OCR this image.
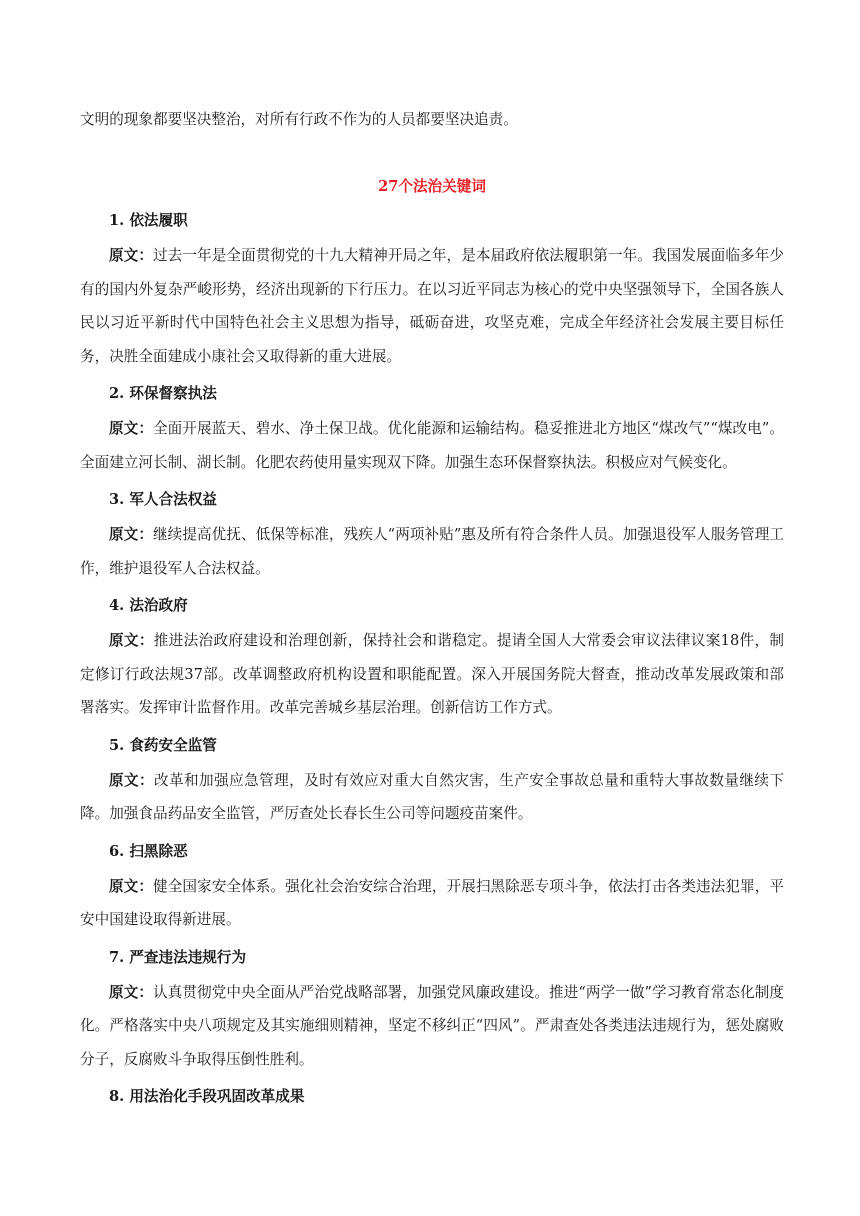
文明的现象都要坚决整治，对所有行政不作为的人员都要坚决追责。

27个法治关键词

1. 依法履职

原文：过去一年是全面贯彻党的十九大精神开局之年，是本届政府依法履职第一年。我国发展面临多年少有的国内外复杂严峻形势，经济出现新的下行压力。在以习近平同志为核心的党中央坚强领导下，全国各族人民以习近平新时代中国特色社会主义思想为指导，砥砺奋进，攻坚克难，完成全年经济社会发展主要目标任务，决胜全面建成小康社会又取得新的重大进展。

2. 环保督察执法

原文：全面开展蓝天、碧水、净土保卫战。优化能源和运输结构。稳妥推进北方地区“煤改气”“煤改电”。全面建立河长制、湖长制。化肥农药使用量实现双下降。加强生态环保督察执法。积极应对气候变化。

3. 军人合法权益

原文：继续提高优抚、低保等标准，残疾人“两项补贴”惠及所有符合条件人员。加强退役军人服务管理工作，维护退役军人合法权益。

4. 法治政府

原文：推进法治政府建设和治理创新，保持社会和谐稳定。提请全国人大常委会审议法律议案18件，制定修订行政法规37部。改革调整政府机构设置和职能配置。深入开展国务院大督查，推动改革发展政策和部署落实。发挥审计监督作用。改革完善城乡基层治理。创新信访工作方式。

5. 食药安全监管

原文：改革和加强应急管理，及时有效应对重大自然灾害，生产安全事故总量和重特大事故数量继续下降。加强食品药品安全监管，严厉查处长春长生公司等问题疫苗案件。

6. 扫黑除恶

原文：健全国家安全体系。强化社会治安综合治理，开展扫黑除恶专项斗争，依法打击各类违法犯罪，平安中国建设取得新进展。

7. 严查违法违规行为

原文：认真贯彻党中央全面从严治党战略部署，加强党风廉政建设。推进“两学一做”学习教育常态化制度化。严格落实中央八项规定及其实施细则精神，坚定不移纠正“四风”。严肃查处各类违法违规行为，惩处腐败分子，反腐败斗争取得压倒性胜利。

8. 用法治化手段巩固改革成果
